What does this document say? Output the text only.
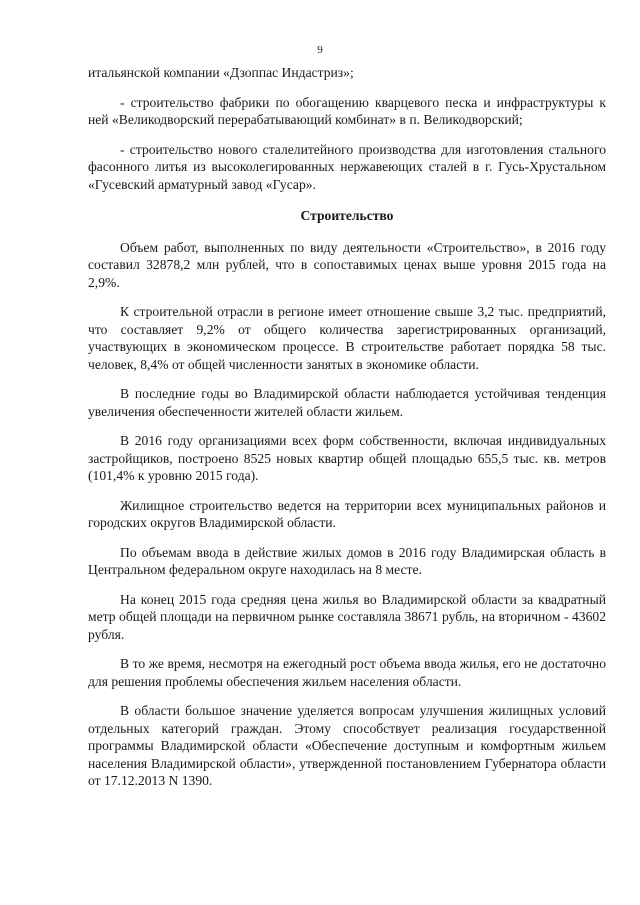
9

итальянской компании «Дзоппас Индастриз»;

- строительство фабрики по обогащению кварцевого песка и инфраструктуры к ней «Великодворский перерабатывающий комбинат» в п. Великодворский;

- строительство нового сталелитейного производства для изготовления стального фасонного литья из высоколегированных нержавеющих сталей в г. Гусь-Хрустальном «Гусевский арматурный завод «Гусар».

Строительство

Объем работ, выполненных по виду деятельности «Строительство», в 2016 году составил 32878,2 млн рублей, что в сопоставимых ценах выше уровня 2015 года на 2,9%.

К строительной отрасли в регионе имеет отношение свыше 3,2 тыс. предприятий, что составляет 9,2% от общего количества зарегистрированных организаций, участвующих в экономическом процессе. В строительстве работает порядка 58 тыс. человек, 8,4% от общей численности занятых в экономике области.

В последние годы во Владимирской области наблюдается устойчивая тенденция увеличения обеспеченности жителей области жильем.

В 2016 году организациями всех форм собственности, включая индивидуальных застройщиков, построено 8525 новых квартир общей площадью 655,5 тыс. кв. метров (101,4% к уровню 2015 года).

Жилищное строительство ведется на территории всех муниципальных районов и городских округов Владимирской области.

По объемам ввода в действие жилых домов в 2016 году Владимирская область в Центральном федеральном округе находилась на 8 месте.

На конец 2015 года средняя цена жилья во Владимирской области за квадратный метр общей площади на первичном рынке составляла 38671 рубль, на вторичном - 43602 рубля.

В то же время, несмотря на ежегодный рост объема ввода жилья, его не достаточно для решения проблемы обеспечения жильем населения области.

В области большое значение уделяется вопросам улучшения жилищных условий отдельных категорий граждан. Этому способствует реализация государственной программы Владимирской области «Обеспечение доступным и комфортным жильем населения Владимирской области», утвержденной постановлением Губернатора области от 17.12.2013 N 1390.
